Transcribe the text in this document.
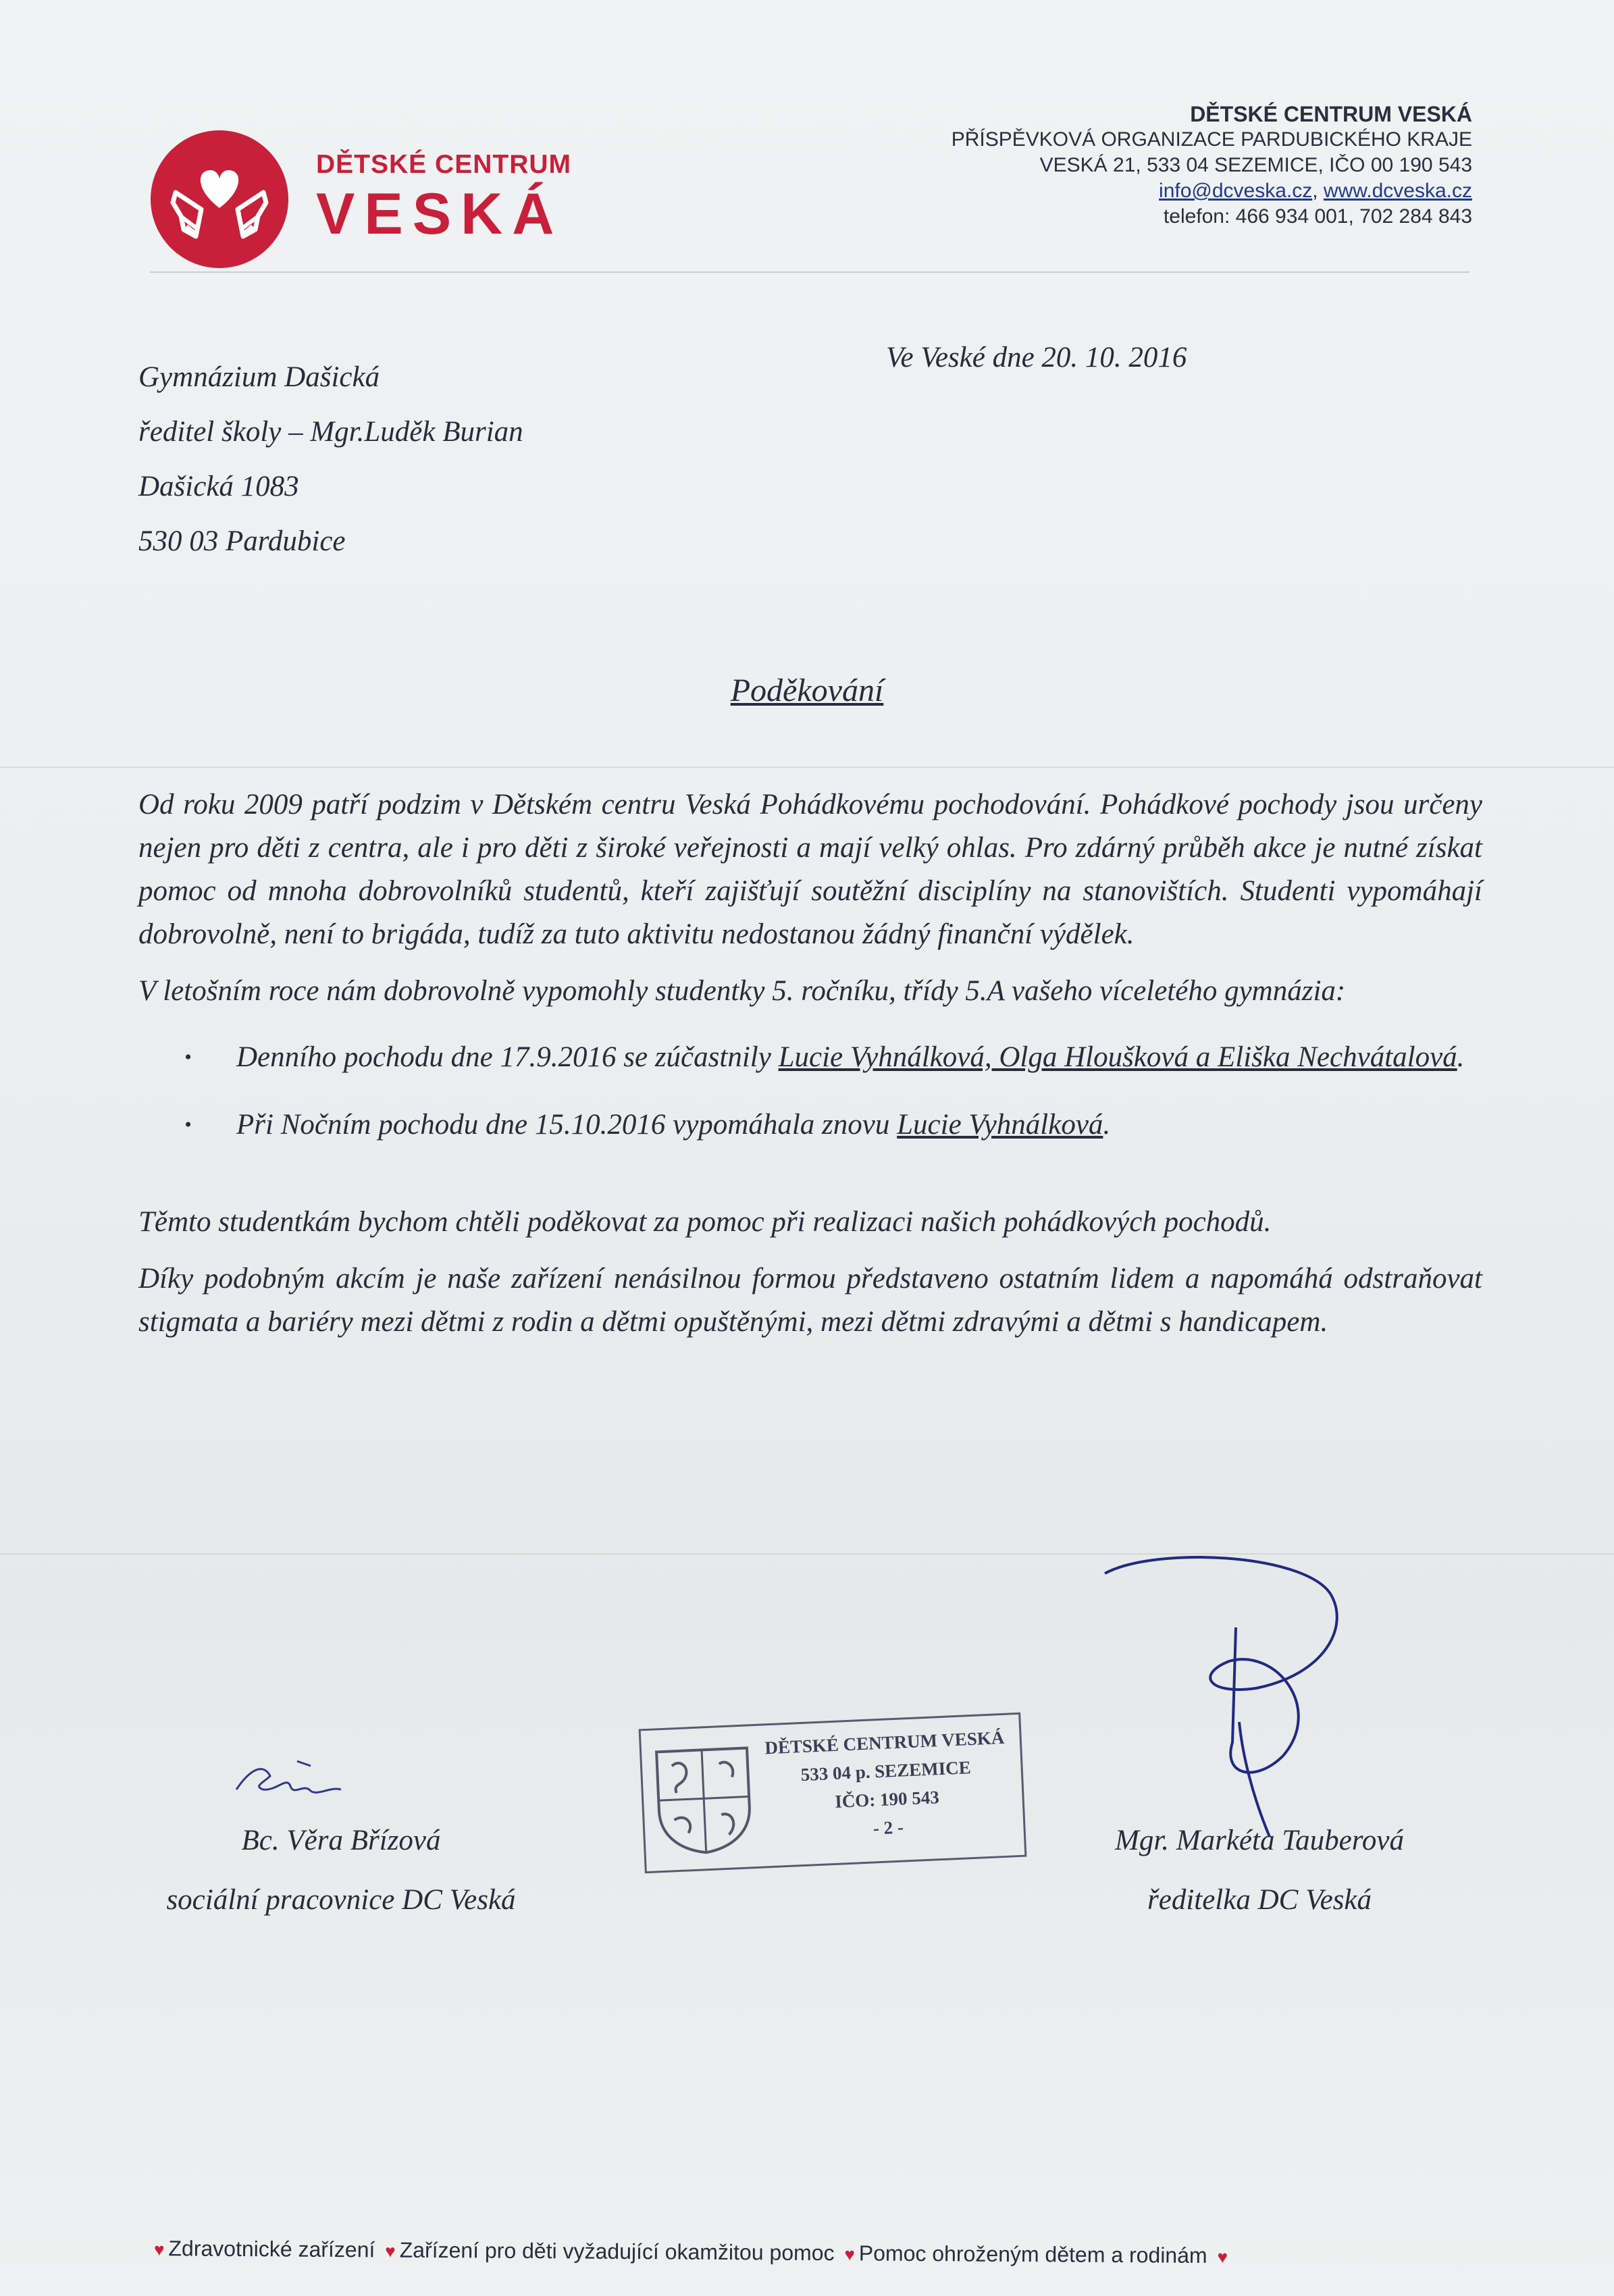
DĚTSKÉ CENTRUM
VESKÁ
DĚTSKÉ CENTRUM VESKÁ
PŘÍSPĚVKOVÁ ORGANIZACE PARDUBICKÉHO KRAJE
VESKÁ 21, 533 04 SEZEMICE, IČO 00 190 543
info@dcveska.cz, www.dcveska.cz
telefon: 466 934 001, 702 284 843
Gymnázium Dašická
ředitel školy – Mgr.Luděk Burian
Dašická 1083
530 03 Pardubice
Ve Veské dne 20. 10. 2016
Poděkování

Od roku 2009 patří podzim v Dětském centru Veská Pohádkovému pochodování. Pohádkové pochody jsou určeny nejen pro děti z centra, ale i pro děti z široké veřejnosti a mají velký ohlas. Pro zdárný průběh akce je nutné získat pomoc od mnoha dobrovolníků studentů, kteří zajišťují soutěžní disciplíny na stanovištích. Studenti vypomáhají dobrovolně, není to brigáda, tudíž za tuto aktivitu nedostanou žádný finanční výdělek.

V letošním roce nám dobrovolně vypomohly studentky 5. ročníku, třídy 5.A vašeho víceletého gymnázia:

• Denního pochodu dne 17.9.2016 se zúčastnily Lucie Vyhnálková, Olga Hloušková a Eliška Nechvátalová.
• Při Nočním pochodu dne 15.10.2016 vypomáhala znovu Lucie Vyhnálková.

Těmto studentkám bychom chtěli poděkovat za pomoc při realizaci našich pohádkových pochodů.

Díky podobným akcím je naše zařízení nenásilnou formou představeno ostatním lidem a napomáhá odstraňovat stigmata a bariéry mezi dětmi z rodin a dětmi opuštěnými, mezi dětmi zdravými a dětmi s handicapem.

Bc. Věra Břízová
sociální pracovnice DC Veská
Mgr. Markéta Tauberová
ředitelka DC Veská
DĚTSKÉ CENTRUM VESKÁ
533 04 p. SEZEMICE
IČO: 190 543
- 2 -
♥ Zdravotnické zařízení ♥ Zařízení pro děti vyžadující okamžitou pomoc ♥ Pomoc ohroženým dětem a rodinám ♥
